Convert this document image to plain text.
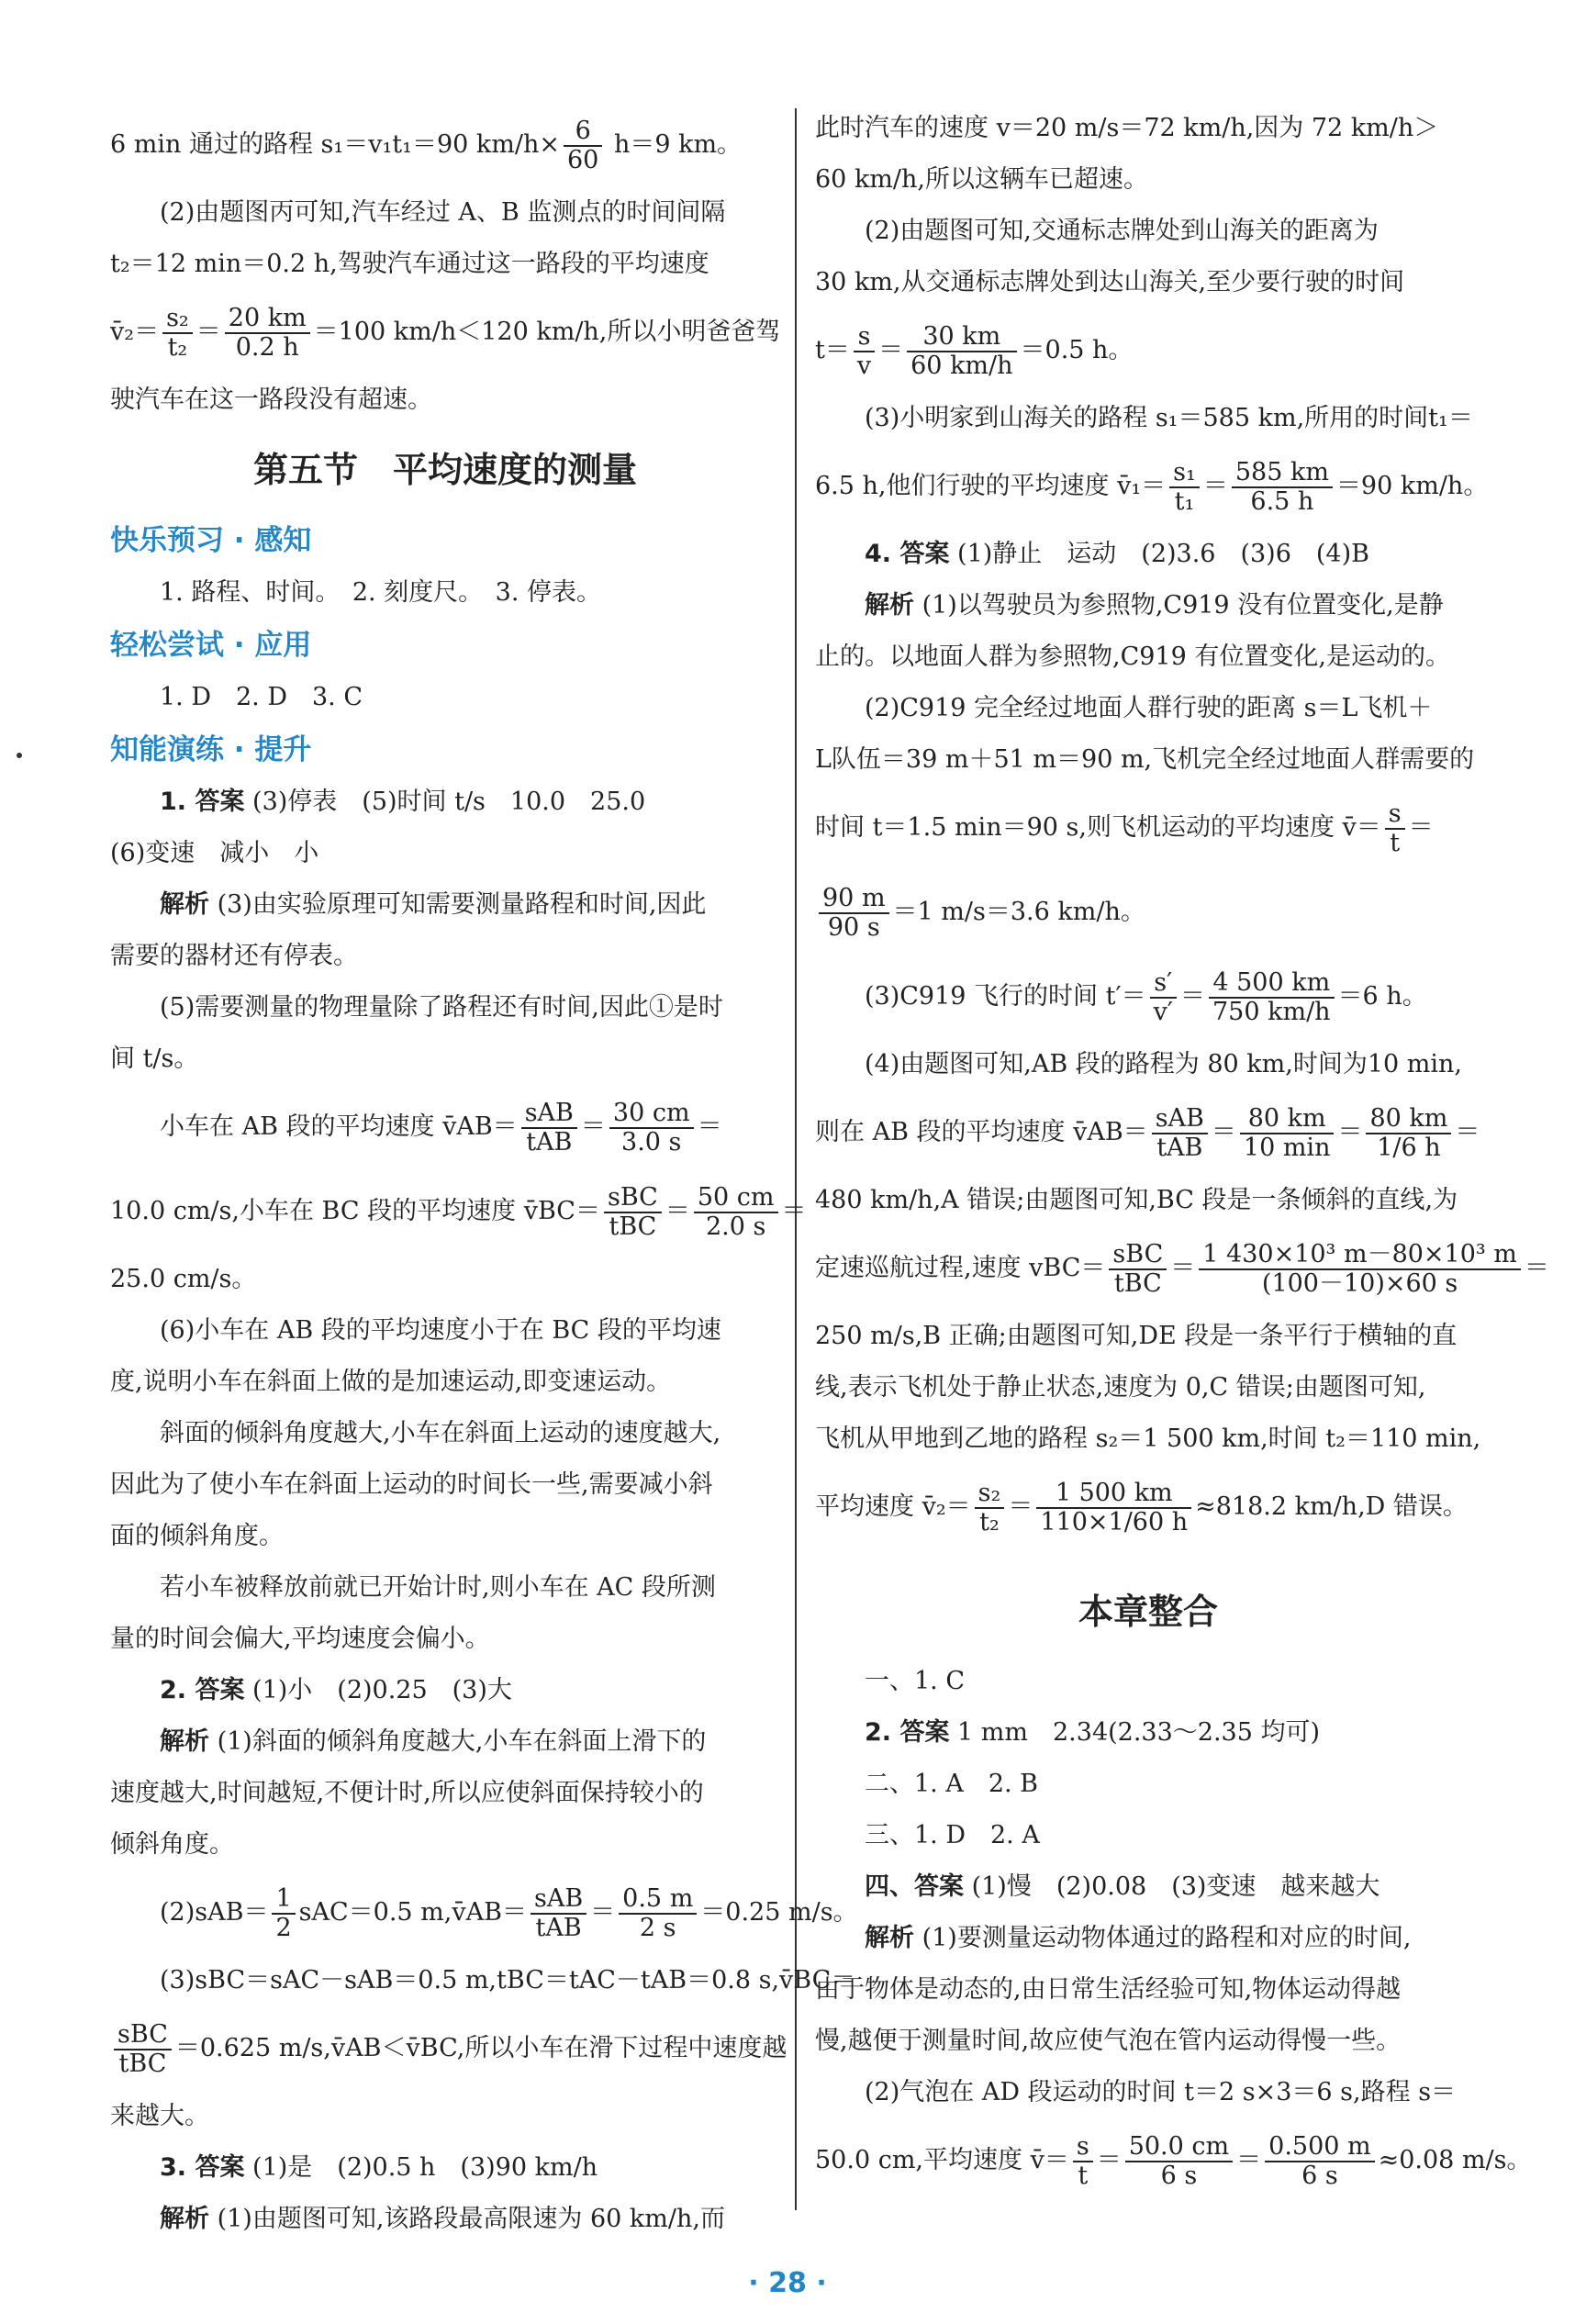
6 min 通过的路程 s₁＝v₁t₁＝90 $km/h\times \frac{6}{60} h=9$ km。

(2)由题图丙可知,汽车经过 A、B 监测点的时间间隔

t₂＝12 min＝0.2 h,驾驶汽车通过这一路段的平均速度

v̄₂＝ $\frac{\text{s₂}}{\text{t₂}} = \frac{20 km}{0.2 h} =100$ km/h＜120 km/h,所以小明爸爸驾

驶汽车在这一路段没有超速。

第五节　平均速度的测量
快乐预习 · 感知

1. 路程、时间。　2. 刻度尺。　3. 停表。

轻松尝试 · 应用

1. D　2. D　3. C

知能演练 · 提升

1. 答案 (3)停表　(5)时间 t/s　10.0　25.0

(6)变速　减小　小

解析 (3)由实验原理可知需要测量路程和时间,因此

需要的器材还有停表。

(5)需要测量的物理量除了路程还有时间,因此①是时

间 t/s。

小车在 AB 段的平均速度 v̄AB＝ $\frac{\text{sAB}}{\text{tAB}} = \frac{30 cm}{3.0 s}$ ＝

10.0 cm/s,小车在 BC 段的平均速度 v̄BC＝ $\frac{\text{sBC}}{\text{tBC}} = \frac{50 cm}{2.0 s}$ ＝

25.0 cm/s。

(6)小车在 AB 段的平均速度小于在 BC 段的平均速

度,说明小车在斜面上做的是加速运动,即变速运动。

斜面的倾斜角度越大,小车在斜面上运动的速度越大,

因此为了使小车在斜面上运动的时间长一些,需要减小斜

面的倾斜角度。

若小车被释放前就已开始计时,则小车在 AC 段所测

量的时间会偏大,平均速度会偏小。

2. 答案 (1)小　(2)0.25　(3)大

解析 (1)斜面的倾斜角度越大,小车在斜面上滑下的

速度越大,时间越短,不便计时,所以应使斜面保持较小的

倾斜角度。

$(2)sAB= \frac{1}{2} sAC=0.5$ m,v̄AB＝ $\frac{\text{sAB}}{\text{tAB}} = \frac{0.5 m}{2 s} =0.25$ m/s。

(3)sBC＝sAC－sAB＝0.5 m,tBC＝tAC－tAB＝0.8 s,v̄BC＝

$\frac{\text{sBC}}{\text{tBC}} =0.625$ m/s,v̄AB＜v̄BC,所以小车在滑下过程中速度越

来越大。

3. 答案 (1)是　(2)0.5 h　(3)90 km/h

解析 (1)由题图可知,该路段最高限速为 60 km/h,而

此时汽车的速度 v＝20 m/s＝72 km/h,因为 72 km/h＞

60 km/h,所以这辆车已超速。

(2)由题图可知,交通标志牌处到山海关的距离为

30 km,从交通标志牌处到达山海关,至少要行驶的时间

$t= \frac{s}{v} = \frac{30 km}{60 km/h} =0.5$ h。

(3)小明家到山海关的路程 s₁＝585 km,所用的时间t₁＝

6.5 h,他们行驶的平均速度 v̄₁＝ $\frac{\text{s₁}}{\text{t₁}} = \frac{585 km}{6.5 h} =90$ km/h。

4. 答案 (1)静止　运动　(2)3.6　(3)6　(4)B

解析 (1)以驾驶员为参照物,C919 没有位置变化,是静

止的。以地面人群为参照物,C919 有位置变化,是运动的。

(2)C919 完全经过地面人群行驶的距离 s＝L飞机＋

L队伍＝39 m＋51 m＝90 m,飞机完全经过地面人群需要的

时间 t＝1.5 min＝90 s,则飞机运动的平均速度 v̄＝ $\frac{s}{t}$ ＝

$\frac{90 m}{90 s} =1$ m/s＝3.6 km/h。

(3)C919 飞行的时间 $t'= \frac{s'}{v'} = \frac{4 500 km}{750 km/h} =6$ h。

(4)由题图可知,AB 段的路程为 80 km,时间为10 min,

则在 AB 段的平均速度 v̄AB＝ $\frac{\text{sAB}}{\text{tAB}} = \frac{80 km}{10 \min} = \frac{80 km}{1/6 h}$ ＝

480 km/h,A 错误;由题图可知,BC 段是一条倾斜的直线,为

定速巡航过程,速度 $vBC= \frac{\text{sBC}}{\text{tBC}} = \frac{\text{1 430×10³ m－80×10³ m}}{(100-10)\times 60 s}$ ＝

250 m/s,B 正确;由题图可知,DE 段是一条平行于横轴的直

线,表示飞机处于静止状态,速度为 0,C 错误;由题图可知,

飞机从甲地到乙地的路程 s₂＝1 500 km,时间 t₂＝110 min,

平均速度 v̄₂＝ $\frac{\text{s₂}}{\text{t₂}} = \frac{1 500 km}{110\times 1/60 h} \approx 818.2$ km/h,D 错误。

本章整合

一、1. C

2. 答案 1 mm　2.34(2.33～2.35 均可)

二、1. A　2. B

三、1. D　2. A

四、答案 (1)慢　(2)0.08　(3)变速　越来越大

解析 (1)要测量运动物体通过的路程和对应的时间,

由于物体是动态的,由日常生活经验可知,物体运动得越

慢,越便于测量时间,故应使气泡在管内运动得慢一些。

(2)气泡在 AD 段运动的时间 t＝2 s×3＝6 s,路程 s＝

50.0 cm,平均速度 v̄＝ $\frac{s}{t} = \frac{50.0 cm}{6 s} = \frac{0.500 m}{6 s} \approx 0.08$ m/s。

· 28 ·
